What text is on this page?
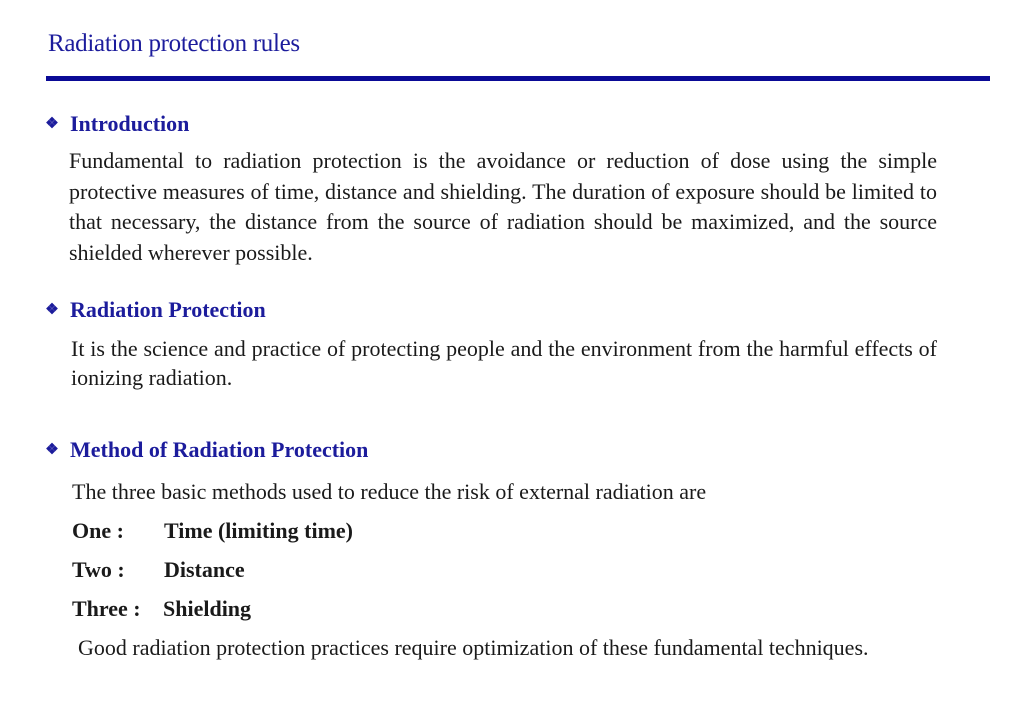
Radiation protection rules
❖ Introduction
Fundamental to radiation protection is the avoidance or reduction of dose using the simple protective measures of time, distance and shielding. The duration of exposure should be limited to that necessary, the distance from the source of radiation should be maximized, and the source shielded wherever possible.
❖ Radiation Protection
It is the science and practice of protecting people and the environment from the harmful effects of ionizing radiation.
❖ Method of Radiation Protection
The three basic methods used to reduce the risk of external radiation are
One :	Time (limiting time)
Two :	Distance
Three :	Shielding
Good radiation protection practices require optimization of these fundamental techniques.
